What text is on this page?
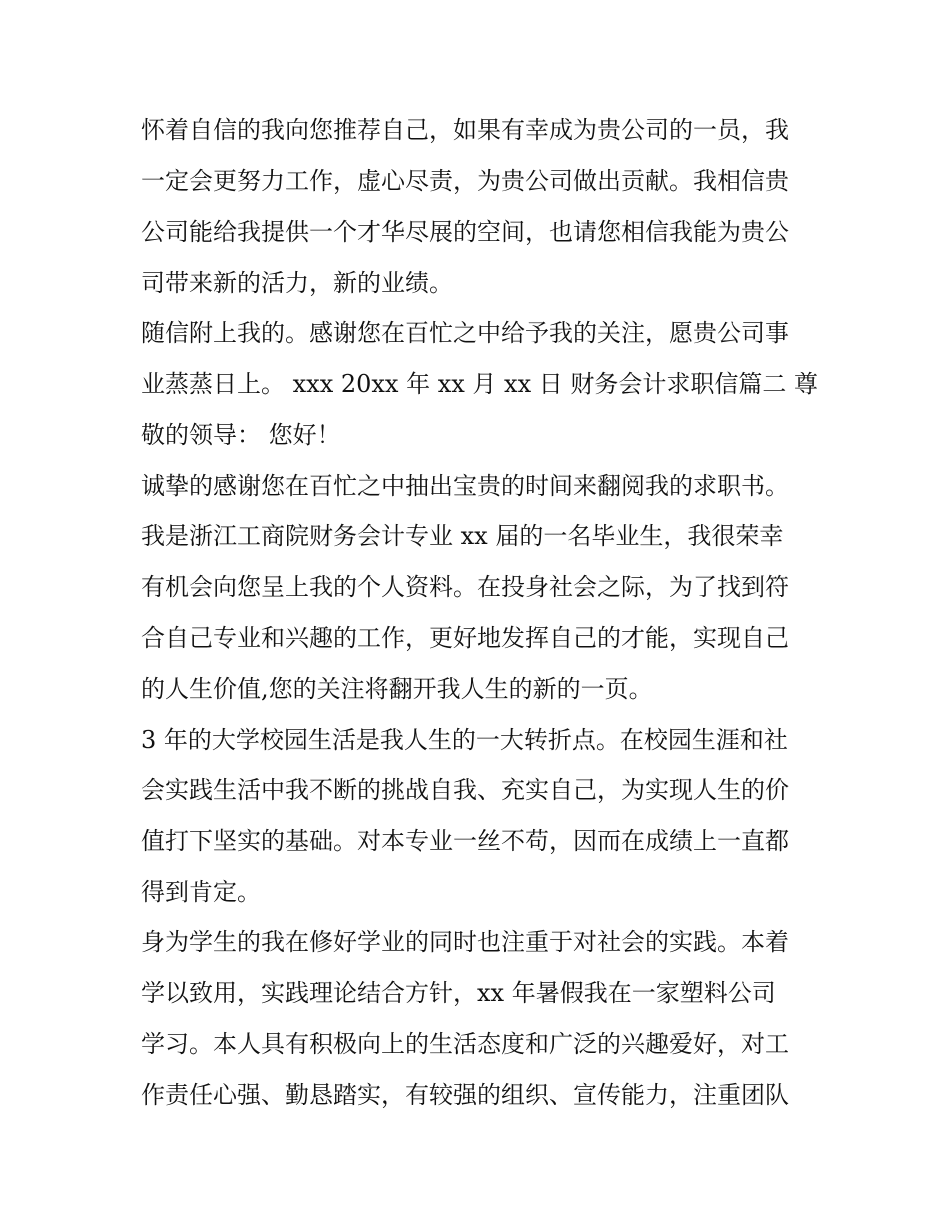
怀着自信的我向您推荐自己，如果有幸成为贵公司的一员，我
一定会更努力工作，虚心尽责，为贵公司做出贡献。我相信贵
公司能给我提供一个才华尽展的空间，也请您相信我能为贵公
司带来新的活力，新的业绩。
随信附上我的。感谢您在百忙之中给予我的关注，愿贵公司事
业蒸蒸日上。 xxx 20xx 年 xx 月 xx 日 财务会计求职信篇二 尊
敬的领导： 您好！
诚挚的感谢您在百忙之中抽出宝贵的时间来翻阅我的求职书。
我是浙江工商院财务会计专业 xx 届的一名毕业生，我很荣幸
有机会向您呈上我的个人资料。在投身社会之际，为了找到符
合自己专业和兴趣的工作，更好地发挥自己的才能，实现自己
的人生价值,您的关注将翻开我人生的新的一页。
3 年的大学校园生活是我人生的一大转折点。在校园生涯和社
会实践生活中我不断的挑战自我、充实自己，为实现人生的价
值打下坚实的基础。对本专业一丝不苟，因而在成绩上一直都
得到肯定。
身为学生的我在修好学业的同时也注重于对社会的实践。本着
学以致用，实践理论结合方针，xx 年暑假我在一家塑料公司
学习。本人具有积极向上的生活态度和广泛的兴趣爱好，对工
作责任心强、勤恳踏实，有较强的组织、宣传能力，注重团队
